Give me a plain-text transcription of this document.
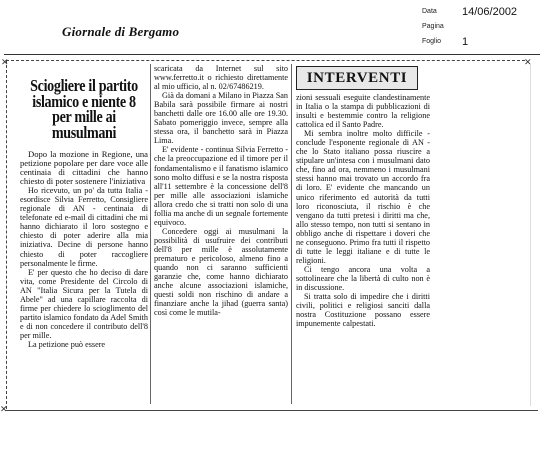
Giornale di Bergamo
Data 14/06/2002
Pagina
Foglio 1
✕	✕
Sciogliere il partito islamico e niente 8 per mille ai musulmani

Dopo la mozione in Regione, una petizione popolare per dare voce alle centinaia di cittadini che hanno chiesto di poter sostenere l'iniziativa

Ho ricevuto, un po' da tutta Italia - esordisce Silvia Ferretto, Consigliere regionale di AN - centinaia di telefonate ed e-mail di cittadini che mi hanno dichiarato il loro sostegno e chiesto di poter aderire alla mia iniziativa. Decine di persone hanno chiesto di poter raccogliere personalmente le firme.

E' per questo che ho deciso di dare vita, come Presidente del Circolo di AN "Italia Sicura per la Tutela di Abele" ad una capillare raccolta di firme per chiedere lo scioglimento del partito islamico fondato da Adel Smith e di non concedere il contributo dell'8 per mille.

La petizione può essere

scaricata da Internet sul sito www.ferretto.it o richiesto direttamente al mio ufficio, al n. 02/67486219.

Già da domani a Milano in Piazza San Babila sarà possibile firmare ai nostri banchetti dalle ore 16.00 alle ore 19.30. Sabato pomeriggio invece, sempre alla stessa ora, il banchetto sarà in Piazza Lima.

E' evidente - continua Silvia Ferretto - che la preoccupazione ed il timore per il fondamentalismo e il fanatismo islamico sono molto diffusi e se la nostra risposta all'11 settembre è la concessione dell'8 per mille alle associazioni islamiche allora credo che si tratti non solo di una follia ma anche di un segnale fortemente equivoco.

Concedere oggi ai musulmani la possibilità di usufruire dei contributi dell'8 per mille è assolutamente prematuro e pericoloso, almeno fino a quando non ci saranno sufficienti garanzie che, come hanno dichiarato anche alcune associazioni islamiche, questi soldi non rischino di andare a finanziare anche la jihad (guerra santa) così come le mutila-

INTERVENTI

zioni sessuali eseguite clandestinamente in Italia o la stampa di pubblicazioni di insulti e bestemmie contro la religione cattolica ed il Santo Padre.

Mi sembra inoltre molto difficile - conclude l'esponente regionale di AN - che lo Stato italiano possa riuscire a stipulare un'intesa con i musulmani dato che, fino ad ora, nemmeno i musulmani stessi hanno mai trovato un accordo fra di loro. E' evidente che mancando un unico riferimento ed autorità da tutti loro riconosciuta, il rischio è che vengano da tutti pretesi i diritti ma che, allo stesso tempo, non tutti si sentano in obbligo anche di rispettare i doveri che ne conseguono. Primo fra tutti il rispetto di tutte le leggi italiane e di tutte le religioni.

Ci tengo ancora una volta a sottolineare che la libertà di culto non è in discussione.

Si tratta solo di impedire che i diritti civili, politici e religiosi sanciti dalla nostra Costituzione possano essere impunemente calpestati.

✕
